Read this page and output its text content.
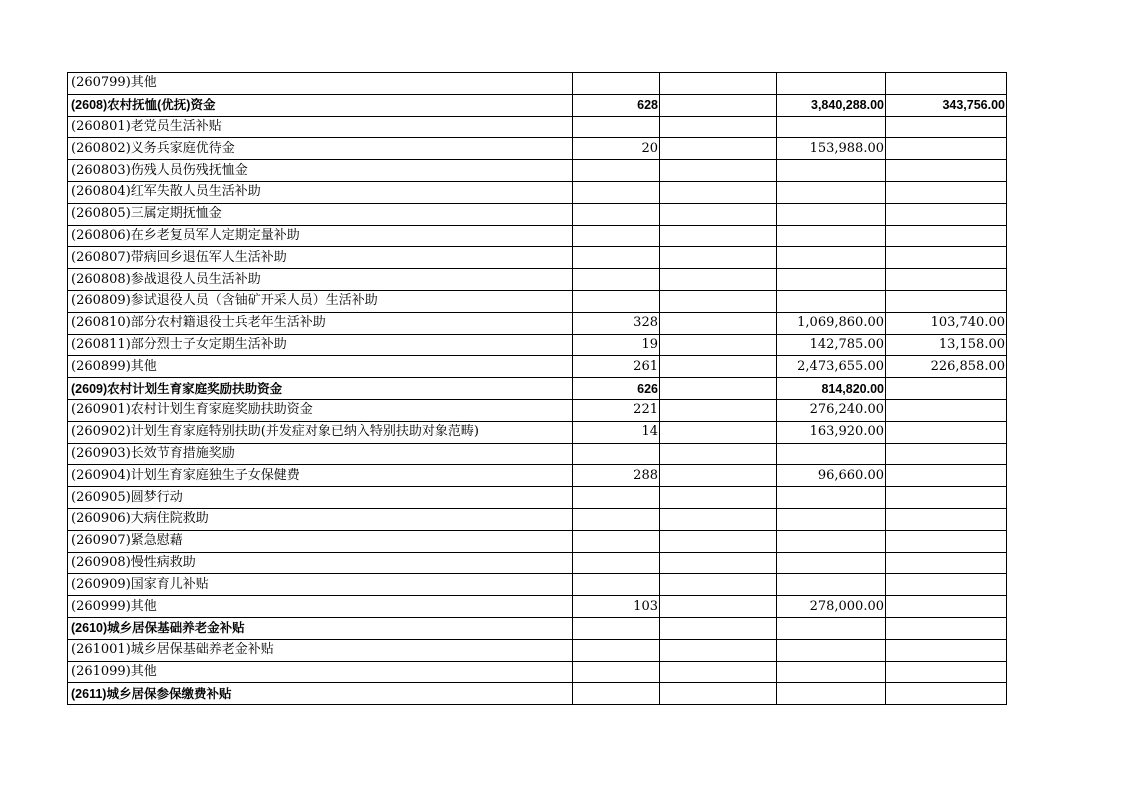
(260799)其他				
(2608)农村抚恤(优抚)资金	628		3,840,288.00	343,756.00
(260801)老党员生活补贴				
(260802)义务兵家庭优待金	20		153,988.00	
(260803)伤残人员伤残抚恤金				
(260804)红军失散人员生活补助				
(260805)三属定期抚恤金				
(260806)在乡老复员军人定期定量补助				
(260807)带病回乡退伍军人生活补助				
(260808)参战退役人员生活补助				
(260809)参试退役人员（含铀矿开采人员）生活补助				
(260810)部分农村籍退役士兵老年生活补助	328		1,069,860.00	103,740.00
(260811)部分烈士子女定期生活补助	19		142,785.00	13,158.00
(260899)其他	261		2,473,655.00	226,858.00
(2609)农村计划生育家庭奖励扶助资金	626		814,820.00	
(260901)农村计划生育家庭奖励扶助资金	221		276,240.00	
(260902)计划生育家庭特别扶助(并发症对象已纳入特别扶助对象范畴)	14		163,920.00	
(260903)长效节育措施奖励				
(260904)计划生育家庭独生子女保健费	288		96,660.00	
(260905)圆梦行动				
(260906)大病住院救助				
(260907)紧急慰藉				
(260908)慢性病救助				
(260909)国家育儿补贴				
(260999)其他	103		278,000.00	
(2610)城乡居保基础养老金补贴				
(261001)城乡居保基础养老金补贴				
(261099)其他				
(2611)城乡居保参保缴费补贴				
